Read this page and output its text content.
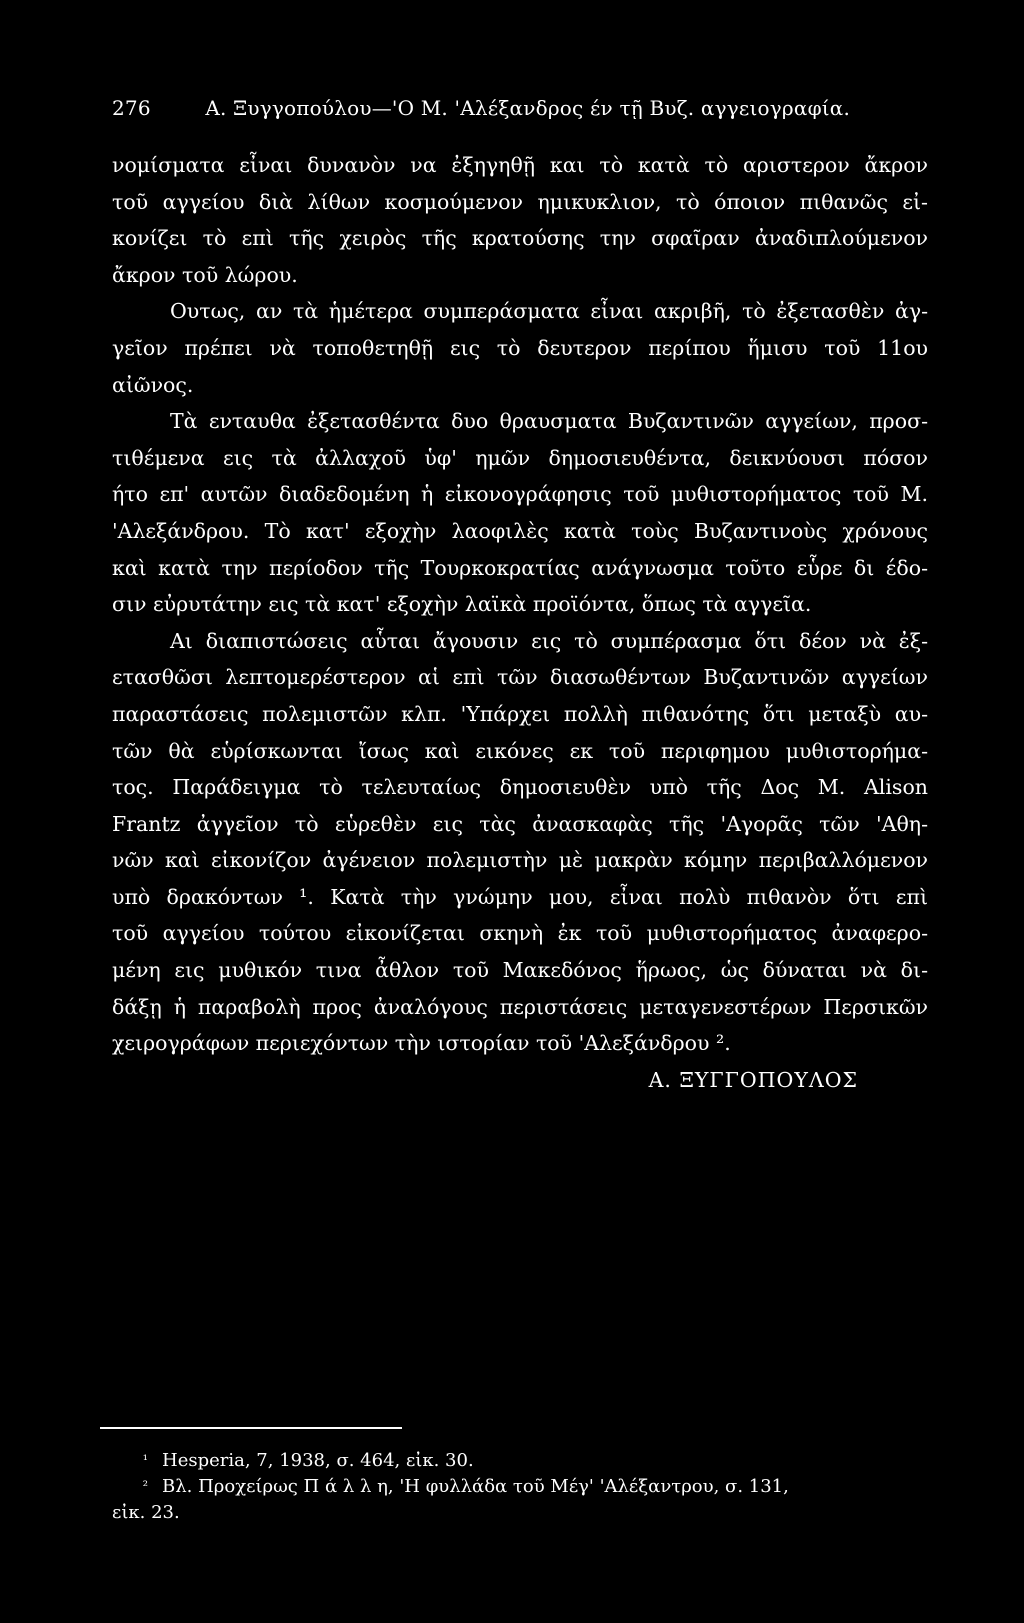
276	Α. Ξυγγοπούλου—'Ο Μ. 'Αλέξανδρος έν τῇ Βυζ. αγγειογραφία.
νομίσματα εἶναι δυνανὸν να ἐξηγηθῇ και τὸ κατὰ τὸ αριστερον ἄκρον
τοῦ αγγείου διὰ λίθων κοσμούμενον ημικυκλιον, τὸ όποιον πιθανῶς εἰ-
κονίζει τὸ επὶ τῆς χειρὸς τῆς κρατούσης την σφαῖραν ἀναδιπλούμενον
ἄκρον τοῦ λώρου.
Ουτως, αν τὰ ἡμέτερα συμπεράσματα εἶναι ακριβῆ, τὸ ἐξετασθὲν ἀγ-
γεῖον πρέπει νὰ τοποθετηθῇ εις τὸ δευτερον περίπου ἥμισυ τοῦ 11ου
αἰῶνος.
Τὰ ενταυθα ἐξετασθέντα δυο θραυσματα Βυζαντινῶν αγγείων, προσ-
τιθέμενα εις τὰ ἀλλαχοῦ ὑφ' ημῶν δημοσιευθέντα, δεικνύουσι πόσον
ήτο επ' αυτῶν διαδεδομένη ἡ εἰκονογράφησις τοῦ μυθιστορήματος τοῦ Μ.
'Αλεξάνδρου. Τὸ κατ' εξοχὴν λαοφιλὲς κατὰ τοὺς Βυζαντινοὺς χρόνους
καὶ κατὰ την περίοδον τῆς Τουρκοκρατίας ανάγνωσμα τοῦτο εὗρε δι έδο-
σιν εὐρυτάτην εις τὰ κατ' εξοχὴν λαϊκὰ προϊόντα, ὅπως τὰ αγγεῖα.
Αι διαπιστώσεις αὗται ἄγουσιν εις τὸ συμπέρασμα ὅτι δέον νὰ ἐξ-
ετασθῶσι λεπτομερέστερον αἱ επὶ τῶν διασωθέντων Βυζαντινῶν αγγείων
παραστάσεις πολεμιστῶν κλπ. 'Υπάρχει πολλὴ πιθανότης ὅτι μεταξὺ αυ-
τῶν θὰ εὑρίσκωνται ἴσως καὶ εικόνες εκ τοῦ περιφημου μυθιστορήμα-
τος. Παράδειγμα τὸ τελευταίως δημοσιευθὲν υπὸ τῆς Δος Μ. Alison
Frantz ἀγγεῖον τὸ εὑρεθὲν εις τὰς ἀνασκαφὰς τῆς 'Αγορᾶς τῶν 'Αθη-
νῶν καὶ εἰκονίζον ἀγένειον πολεμιστὴν μὲ μακρὰν κόμην περιβαλλόμενον
υπὸ δρακόντων ¹. Κατὰ τὴν γνώμην μου, εἶναι πολὺ πιθανὸν ὅτι επὶ
τοῦ αγγείου τούτου εἰκονίζεται σκηνὴ ἐκ τοῦ μυθιστορήματος ἀναφερο-
μένη εις μυθικόν τινα ἆθλον τοῦ Μακεδόνος ἥρωος, ὡς δύναται νὰ δι-
δάξῃ ἡ παραβολὴ προς ἀναλόγους περιστάσεις μεταγενεστέρων Περσικῶν
χειρογράφων περιεχόντων τὴν ιστορίαν τοῦ 'Αλεξάνδρου ².
Α. ΞΥΓΓΟΠΟΥΛΟΣ
¹ Hesperia, 7, 1938, σ. 464, εἰκ. 30.
² Βλ. Προχείρως Π ά λ λ η, 'Η φυλλάδα τοῦ Μέγ' 'Αλέξαντρου, σ. 131,
εἰκ. 23.
